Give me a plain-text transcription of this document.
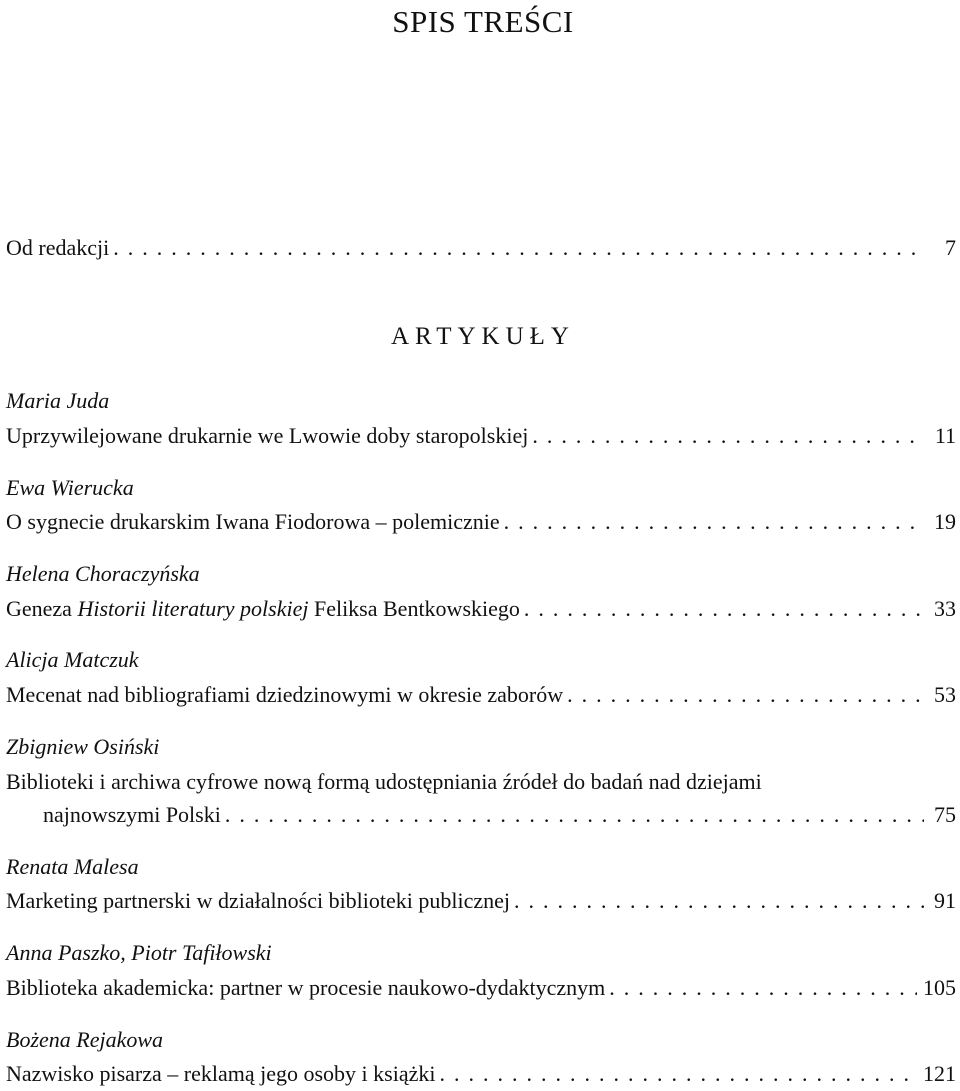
SPIS TREŚCI
Od redakcji . . .	7
ARTYKUŁY
Maria Juda
Uprzywilejowane drukarnie we Lwowie doby staropolskiej . . .	11
Ewa Wierucka
O sygnecie drukarskim Iwana Fiodorowa – polemicznie . . .	19
Helena Choraczyńska
Geneza Historii literatury polskiej Feliksa Bentkowskiego . . .	33
Alicja Matczuk
Mecenat nad bibliografiami dziedzinowymi w okresie zaborów . . .	53
Zbigniew Osiński
Biblioteki i archiwa cyfrowe nową formą udostępniania źródeł do badań nad dziejami
najnowszymi Polski . . .	75
Renata Malesa
Marketing partnerski w działalności biblioteki publicznej . . .	91
Anna Paszko, Piotr Tafiłowski
Biblioteka akademicka: partner w procesie naukowo-dydaktycznym . . .	105
Bożena Rejakowa
Nazwisko pisarza – reklamą jego osoby i książki . . .	121
